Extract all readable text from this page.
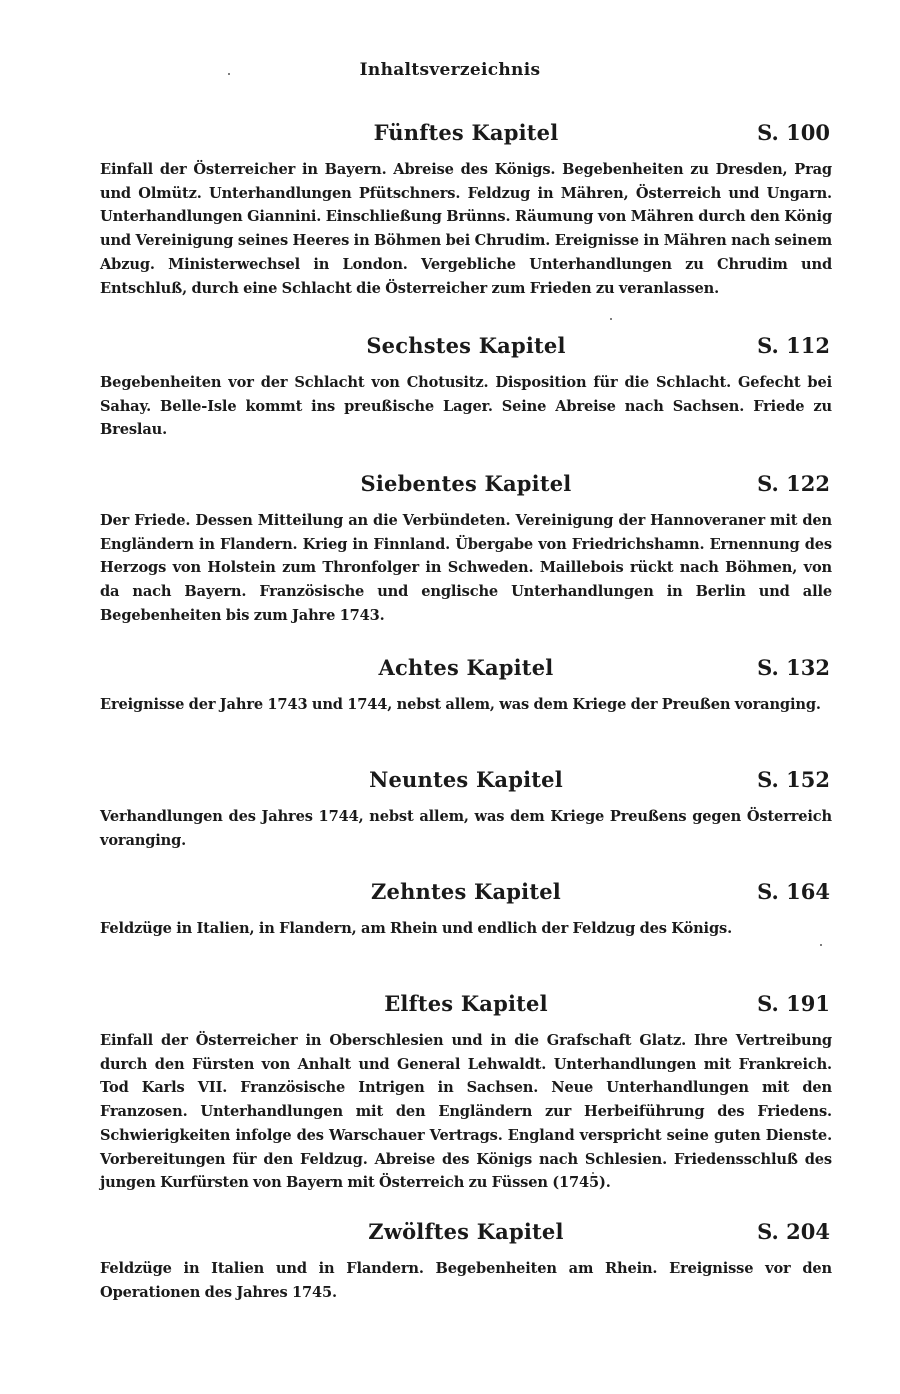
Inhaltsverzeichnis
Fünftes Kapitel	S. 100

Einfall der Österreicher in Bayern. Abreise des Königs. Begebenheiten zu Dresden, Prag und Olmütz. Unterhandlungen Pfütschners. Feldzug in Mähren, Österreich und Ungarn. Unterhandlungen Giannini. Einschließung Brünns. Räumung von Mähren durch den König und Vereinigung seines Heeres in Böhmen bei Chrudim. Ereignisse in Mähren nach seinem Abzug. Ministerwechsel in London. Vergebliche Unterhandlungen zu Chrudim und Entschluß, durch eine Schlacht die Österreicher zum Frieden zu veranlassen.

Sechstes Kapitel	S. 112

Begebenheiten vor der Schlacht von Chotusitz. Disposition für die Schlacht. Gefecht bei Sahay. Belle-Isle kommt ins preußische Lager. Seine Abreise nach Sachsen. Friede zu Breslau.

Siebentes Kapitel	S. 122

Der Friede. Dessen Mitteilung an die Verbündeten. Vereinigung der Hannoveraner mit den Engländern in Flandern. Krieg in Finnland. Übergabe von Friedrichshamn. Ernennung des Herzogs von Holstein zum Thronfolger in Schweden. Maillebois rückt nach Böhmen, von da nach Bayern. Französische und englische Unterhandlungen in Berlin und alle Begebenheiten bis zum Jahre 1743.

Achtes Kapitel	S. 132

Ereignisse der Jahre 1743 und 1744, nebst allem, was dem Kriege der Preußen voranging.

Neuntes Kapitel	S. 152

Verhandlungen des Jahres 1744, nebst allem, was dem Kriege Preußens gegen Österreich voranging.

Zehntes Kapitel	S. 164

Feldzüge in Italien, in Flandern, am Rhein und endlich der Feldzug des Königs.

Elftes Kapitel	S. 191

Einfall der Österreicher in Oberschlesien und in die Grafschaft Glatz. Ihre Vertreibung durch den Fürsten von Anhalt und General Lehwaldt. Unterhandlungen mit Frankreich. Tod Karls VII. Französische Intrigen in Sachsen. Neue Unterhandlungen mit den Franzosen. Unterhandlungen mit den Engländern zur Herbeiführung des Friedens. Schwierigkeiten infolge des Warschauer Vertrags. England verspricht seine guten Dienste. Vorbereitungen für den Feldzug. Abreise des Königs nach Schlesien. Friedensschluß des jungen Kurfürsten von Bayern mit Österreich zu Füssen (1745).

Zwölftes Kapitel	S. 204

Feldzüge in Italien und in Flandern. Begebenheiten am Rhein. Ereignisse vor den Operationen des Jahres 1745.
